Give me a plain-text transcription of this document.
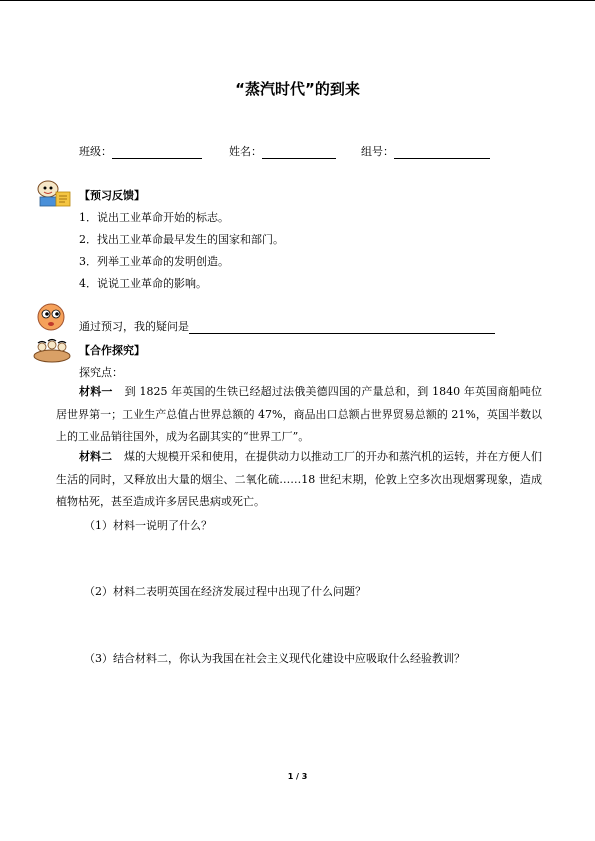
“蒸汽时代”的到来
班级：	姓名：	组号：
【预习反馈】
1．说出工业革命开始的标志。
2．找出工业革命最早发生的国家和部门。
3．列举工业革命的发明创造。
4．说说工业革命的影响。
通过预习，我的疑问是
【合作探究】
探究点：
材料一 到 1825 年英国的生铁已经超过法俄美德四国的产量总和，到 1840 年英国商船吨位居世界第一；工业生产总值占世界总额的 47%，商品出口总额占世界贸易总额的 21%，英国半数以上的工业品销往国外，成为名副其实的“世界工厂”。
材料二 煤的大规模开采和使用，在提供动力以推动工厂的开办和蒸汽机的运转，并在方便人们生活的同时，又释放出大量的烟尘、二氧化硫……18 世纪末期，伦敦上空多次出现烟雾现象，造成植物枯死，甚至造成许多居民患病或死亡。
（1）材料一说明了什么？
（2）材料二表明英国在经济发展过程中出现了什么问题？
（3）结合材料二，你认为我国在社会主义现代化建设中应吸取什么经验教训？
1 / 3
